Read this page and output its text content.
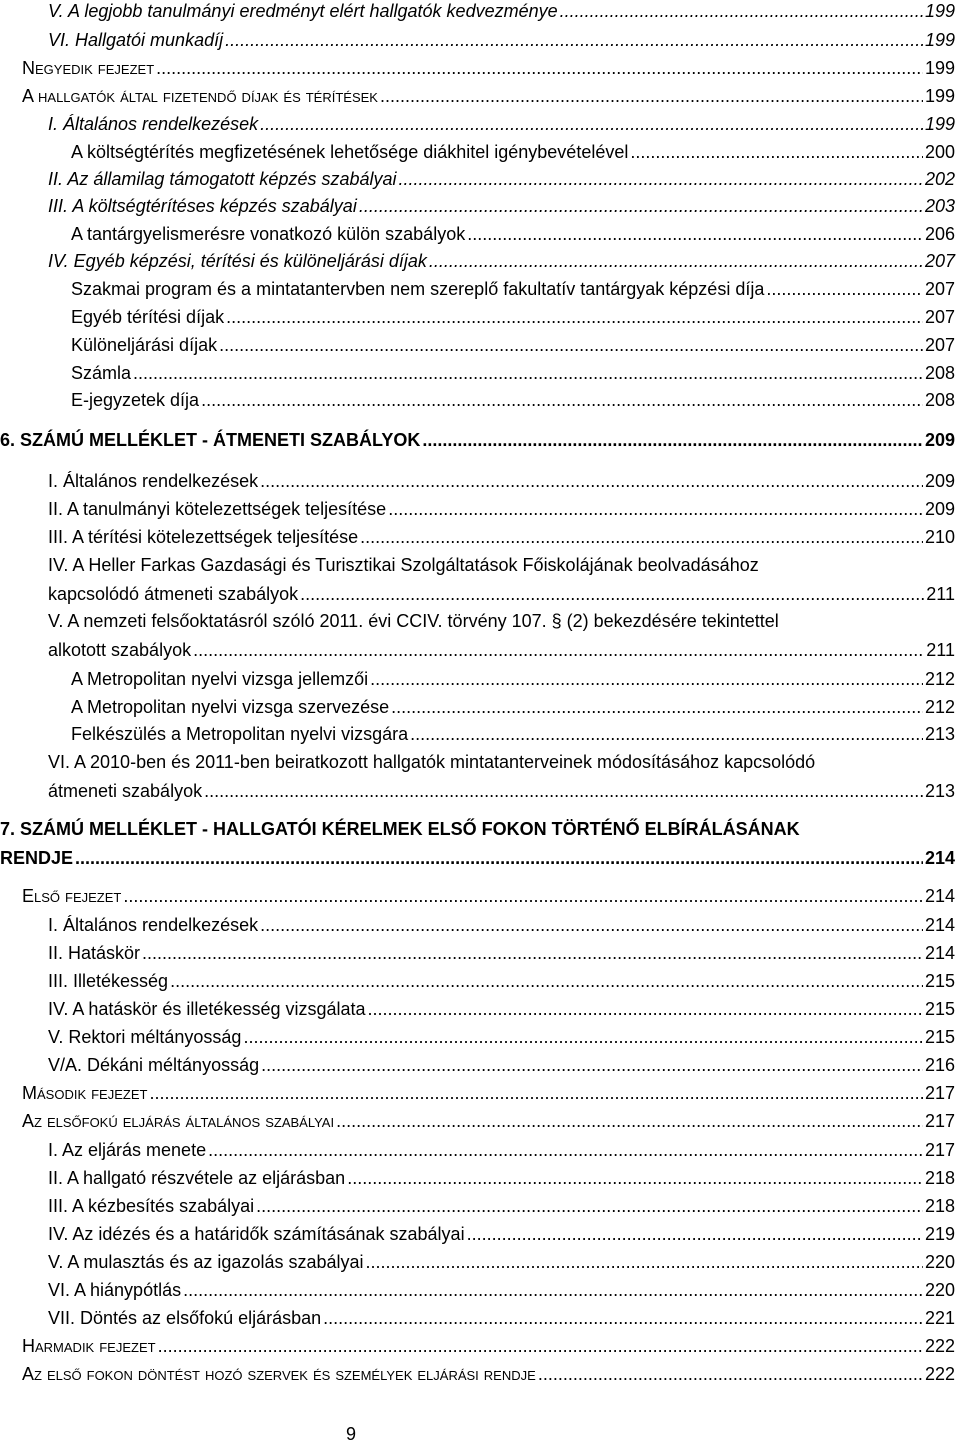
V. A legjobb tanulmányi eredményt elért hallgatók kedvezménye .....	199
VI. Hallgatói munkadíj .....	199
Negyedik fejezet .....	199
A hallgatók által fizetendő díjak és térítések .....	199
I. Általános rendelkezések .....	199
A költségtérítés megfizetésének lehetősége diákhitel igénybevételével .....	200
II. Az államilag támogatott képzés szabályai .....	202
III. A költségtérítéses képzés szabályai .....	203
A tantárgyelismerésre vonatkozó külön szabályok .....	206
IV. Egyéb képzési, térítési és különeljárási díjak .....	207
Szakmai program és a mintatantervben nem szereplő fakultatív tantárgyak képzési díja .....	207
Egyéb térítési díjak .....	207
Különeljárási díjak .....	207
Számla .....	208
E-jegyzetek díja .....	208
6. SZÁMÚ MELLÉKLET - ÁTMENETI SZABÁLYOK .....	209
I. Általános rendelkezések .....	209
II. A tanulmányi kötelezettségek teljesítése .....	209
III. A térítési kötelezettségek teljesítése .....	210
IV. A Heller Farkas Gazdasági és Turisztikai Szolgáltatások Főiskolájának beolvadásához
kapcsolódó átmeneti szabályok .....	211
V. A nemzeti felsőoktatásról szóló 2011. évi CCIV. törvény 107. § (2) bekezdésére tekintettel
alkotott szabályok .....	211
A Metropolitan nyelvi vizsga jellemzői .....	212
A Metropolitan nyelvi vizsga szervezése .....	212
Felkészülés a Metropolitan nyelvi vizsgára .....	213
VI. A 2010-ben és 2011-ben beiratkozott hallgatók mintatanterveinek módosításához kapcsolódó
átmeneti szabályok .....	213
7. SZÁMÚ MELLÉKLET - HALLGATÓI KÉRELMEK ELSŐ FOKON TÖRTÉNŐ ELBÍRÁLÁSÁNAK
RENDJE .....	214
Első fejezet .....	214
I. Általános rendelkezések .....	214
II. Hatáskör .....	214
III. Illetékesség .....	215
IV. A hatáskör és illetékesség vizsgálata .....	215
V. Rektori méltányosság .....	215
V/A. Dékáni méltányosság .....	216
Második fejezet .....	217
Az elsőfokú eljárás általános szabályai .....	217
I. Az eljárás menete .....	217
II. A hallgató részvétele az eljárásban .....	218
III. A kézbesítés szabályai .....	218
IV. Az idézés és a határidők számításának szabályai .....	219
V. A mulasztás és az igazolás szabályai .....	220
VI. A hiánypótlás .....	220
VII. Döntés az elsőfokú eljárásban .....	221
Harmadik fejezet .....	222
Az első fokon döntést hozó szervek és személyek eljárási rendje .....	222
9
